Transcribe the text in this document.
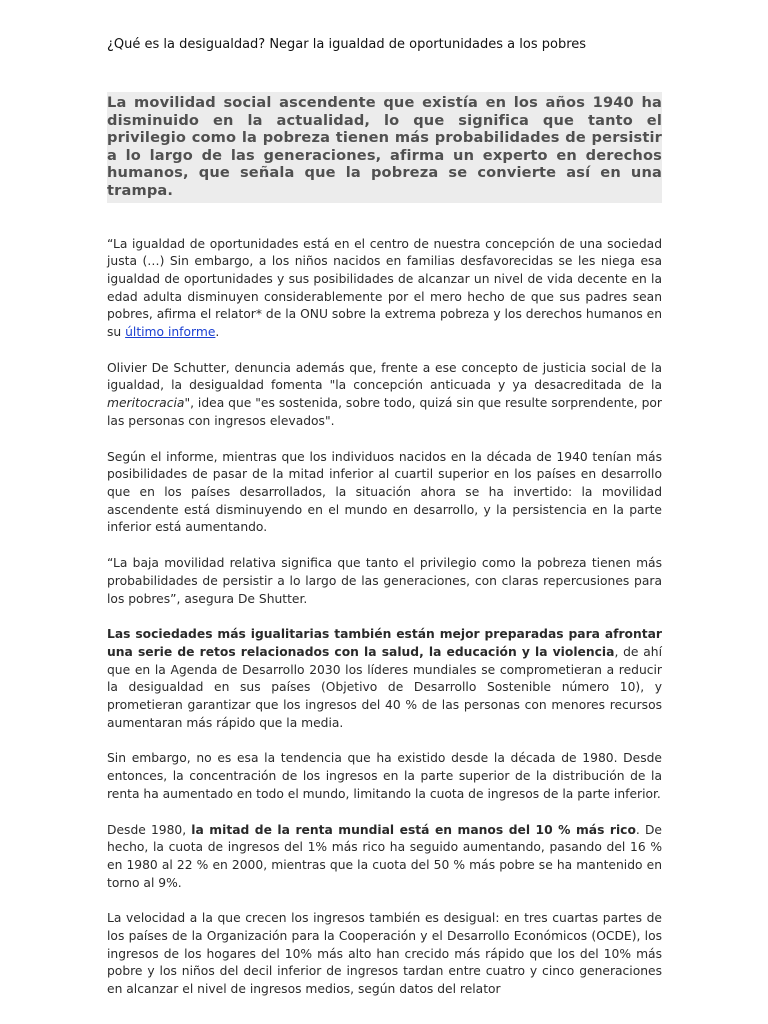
¿Qué es la desigualdad? Negar la igualdad de oportunidades a los pobres

La movilidad social ascendente que existía en los años 1940 ha disminuido en la actualidad, lo que significa que tanto el privilegio como la pobreza tienen más probabilidades de persistir a lo largo de las generaciones, afirma un experto en derechos humanos, que señala que la pobreza se convierte así en una trampa.

“La igualdad de oportunidades está en el centro de nuestra concepción de una sociedad justa (…) Sin embargo, a los niños nacidos en familias desfavorecidas se les niega esa igualdad de oportunidades y sus posibilidades de alcanzar un nivel de vida decente en la edad adulta disminuyen considerablemente por el mero hecho de que sus padres sean pobres, afirma el relator* de la ONU sobre la extrema pobreza y los derechos humanos en su último informe.

Olivier De Schutter, denuncia además que, frente a ese concepto de justicia social de la igualdad, la desigualdad fomenta "la concepción anticuada y ya desacreditada de la meritocracia", idea que "es sostenida, sobre todo, quizá sin que resulte sorprendente, por las personas con ingresos elevados".

Según el informe, mientras que los individuos nacidos en la década de 1940 tenían más posibilidades de pasar de la mitad inferior al cuartil superior en los países en desarrollo que en los países desarrollados, la situación ahora se ha invertido: la movilidad ascendente está disminuyendo en el mundo en desarrollo, y la persistencia en la parte inferior está aumentando.

“La baja movilidad relativa significa que tanto el privilegio como la pobreza tienen más probabilidades de persistir a lo largo de las generaciones, con claras repercusiones para los pobres”, asegura De Shutter.

Las sociedades más igualitarias también están mejor preparadas para afrontar una serie de retos relacionados con la salud, la educación y la violencia, de ahí que en la Agenda de Desarrollo 2030 los líderes mundiales se comprometieran a reducir la desigualdad en sus países (Objetivo de Desarrollo Sostenible número 10), y prometieran garantizar que los ingresos del 40 % de las personas con menores recursos aumentaran más rápido que la media.

Sin embargo, no es esa la tendencia que ha existido desde la década de 1980. Desde entonces, la concentración de los ingresos en la parte superior de la distribución de la renta ha aumentado en todo el mundo, limitando la cuota de ingresos de la parte inferior.

Desde 1980, la mitad de la renta mundial está en manos del 10 % más rico. De hecho, la cuota de ingresos del 1% más rico ha seguido aumentando, pasando del 16 % en 1980 al 22 % en 2000, mientras que la cuota del 50 % más pobre se ha mantenido en torno al 9%.

La velocidad a la que crecen los ingresos también es desigual: en tres cuartas partes de los países de la Organización para la Cooperación y el Desarrollo Económicos (OCDE), los ingresos de los hogares del 10% más alto han crecido más rápido que los del 10% más pobre y los niños del decil inferior de ingresos tardan entre cuatro y cinco generaciones en alcanzar el nivel de ingresos medios, según datos del relator
